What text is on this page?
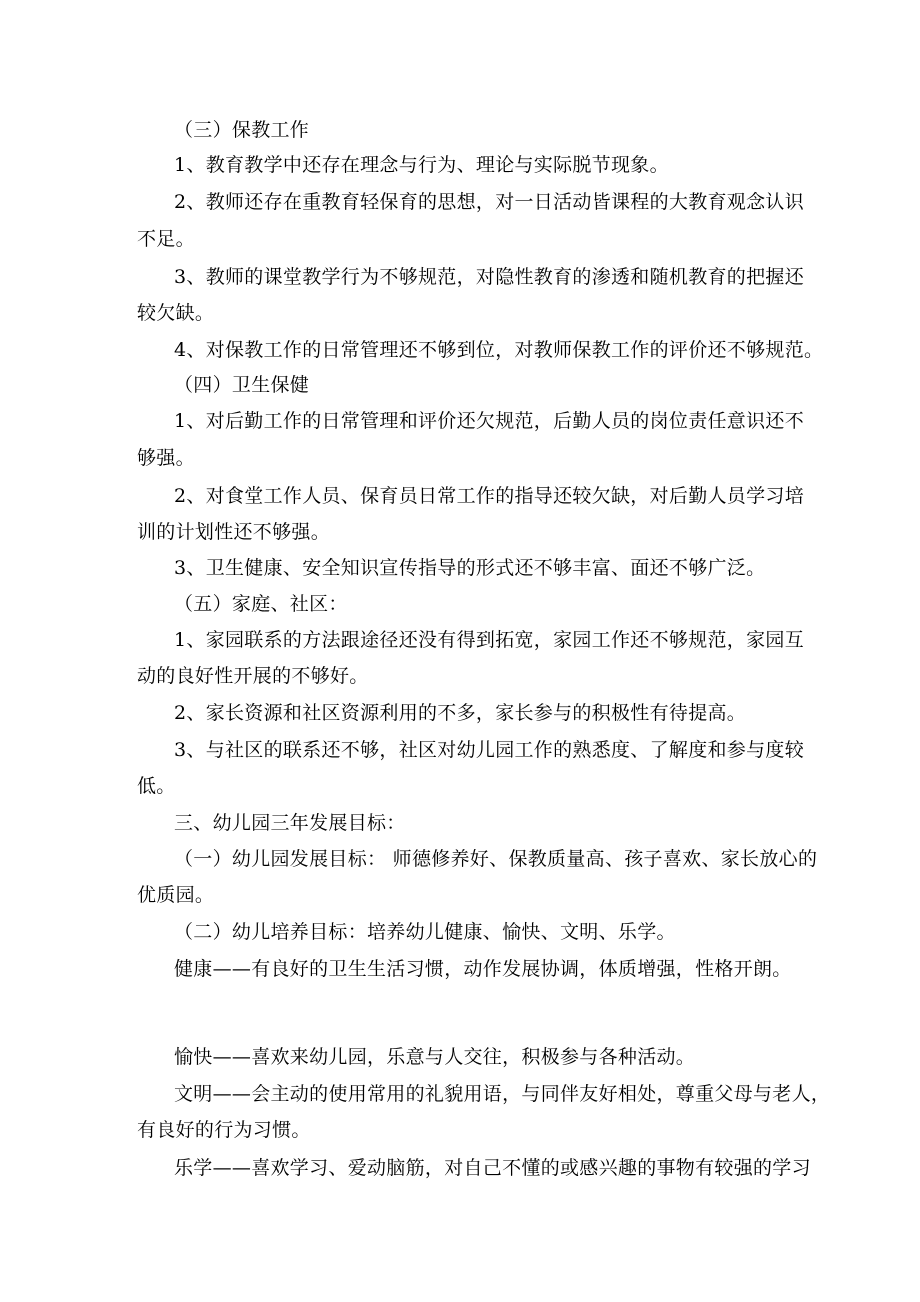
（三）保教工作
1、教育教学中还存在理念与行为、理论与实际脱节现象。
2、教师还存在重教育轻保育的思想，对一日活动皆课程的大教育观念认识
不足。
3、教师的课堂教学行为不够规范，对隐性教育的渗透和随机教育的把握还
较欠缺。
4、对保教工作的日常管理还不够到位，对教师保教工作的评价还不够规范。
（四）卫生保健
1、对后勤工作的日常管理和评价还欠规范，后勤人员的岗位责任意识还不
够强。
2、对食堂工作人员、保育员日常工作的指导还较欠缺，对后勤人员学习培
训的计划性还不够强。
3、卫生健康、安全知识宣传指导的形式还不够丰富、面还不够广泛。
（五）家庭、社区：
1、家园联系的方法跟途径还没有得到拓宽，家园工作还不够规范，家园互
动的良好性开展的不够好。
2、家长资源和社区资源利用的不多，家长参与的积极性有待提高。
3、与社区的联系还不够，社区对幼儿园工作的熟悉度、了解度和参与度较
低。
三、幼儿园三年发展目标：
（一）幼儿园发展目标： 师德修养好、保教质量高、孩子喜欢、家长放心的
优质园。
（二）幼儿培养目标：培养幼儿健康、愉快、文明、乐学。
健康——有良好的卫生生活习惯，动作发展协调，体质增强，性格开朗。
愉快——喜欢来幼儿园，乐意与人交往，积极参与各种活动。
文明——会主动的使用常用的礼貌用语，与同伴友好相处，尊重父母与老人，
有良好的行为习惯。
乐学——喜欢学习、爱动脑筋，对自己不懂的或感兴趣的事物有较强的学习
